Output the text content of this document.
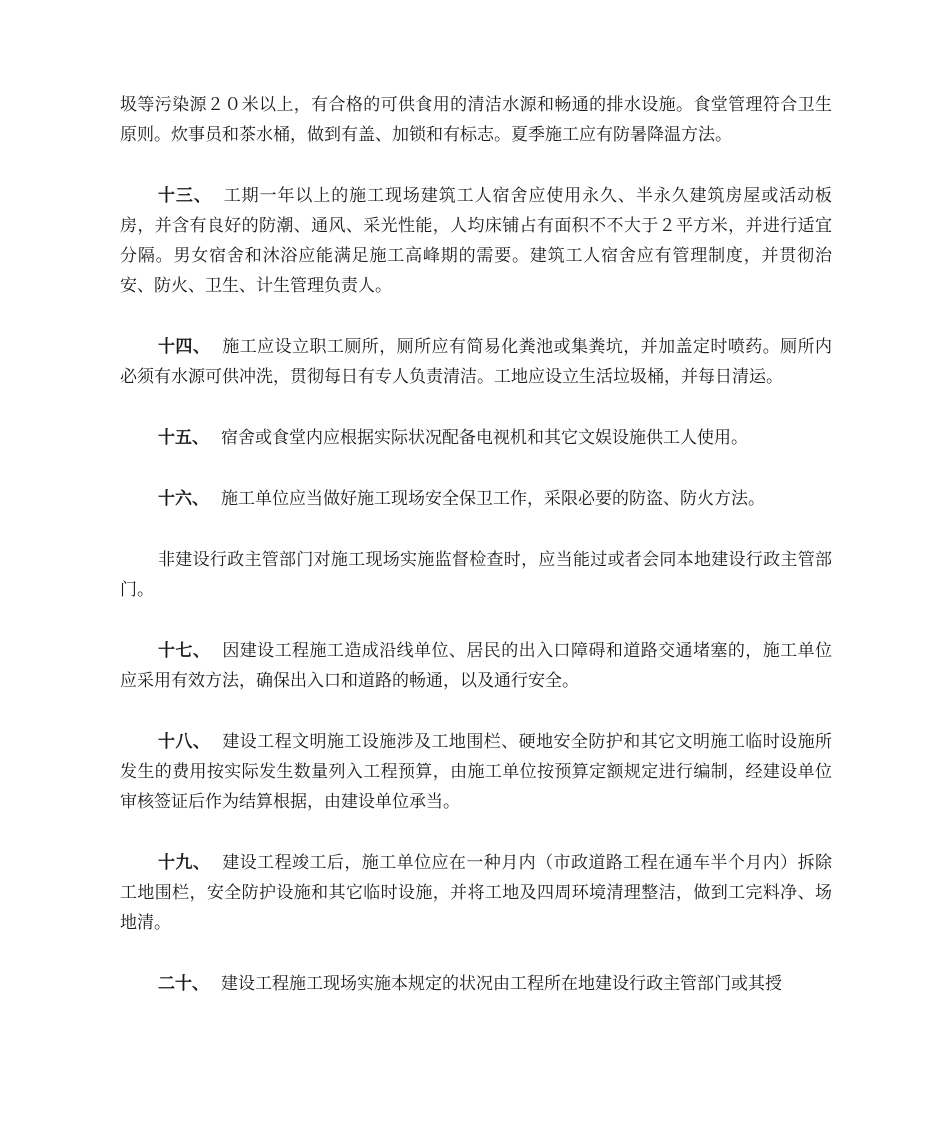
圾等污染源２０米以上，有合格的可供食用的清洁水源和畅通的排水设施。食堂管理符合卫生原则。炊事员和茶水桶，做到有盖、加锁和有标志。夏季施工应有防暑降温方法。

十三、 工期一年以上的施工现场建筑工人宿舍应使用永久、半永久建筑房屋或活动板房，并含有良好的防潮、通风、采光性能，人均床铺占有面积不不大于２平方米，并进行适宜分隔。男女宿舍和沐浴应能满足施工高峰期的需要。建筑工人宿舍应有管理制度，并贯彻治安、防火、卫生、计生管理负责人。

十四、 施工应设立职工厕所，厕所应有简易化粪池或集粪坑，并加盖定时喷药。厕所内必须有水源可供冲洗，贯彻每日有专人负责清洁。工地应设立生活垃圾桶，并每日清运。

十五、 宿舍或食堂内应根据实际状况配备电视机和其它文娱设施供工人使用。

十六、 施工单位应当做好施工现场安全保卫工作，采限必要的防盗、防火方法。

非建设行政主管部门对施工现场实施监督检查时，应当能过或者会同本地建设行政主管部门。

十七、 因建设工程施工造成沿线单位、居民的出入口障碍和道路交通堵塞的，施工单位应采用有效方法，确保出入口和道路的畅通，以及通行安全。

十八、 建设工程文明施工设施涉及工地围栏、硬地安全防护和其它文明施工临时设施所发生的费用按实际发生数量列入工程预算，由施工单位按预算定额规定进行编制，经建设单位审核签证后作为结算根据，由建设单位承当。

十九、 建设工程竣工后，施工单位应在一种月内（市政道路工程在通车半个月内）拆除工地围栏，安全防护设施和其它临时设施，并将工地及四周环境清理整洁，做到工完料净、场地清。

二十、 建设工程施工现场实施本规定的状况由工程所在地建设行政主管部门或其授
